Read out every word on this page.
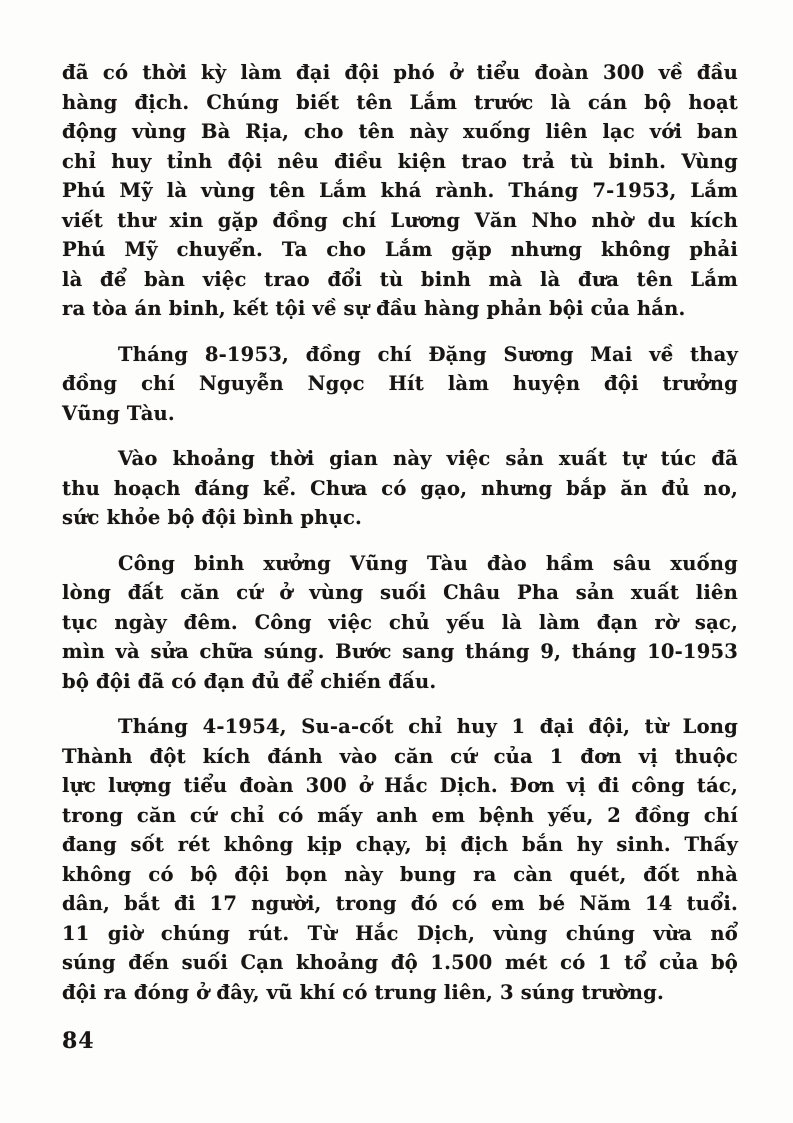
đã có thời kỳ làm đại đội phó ở tiểu đoàn 300 về đầu
hàng địch. Chúng biết tên Lắm trước là cán bộ hoạt
động vùng Bà Rịa, cho tên này xuống liên lạc với ban
chỉ huy tỉnh đội nêu điều kiện trao trả tù binh. Vùng
Phú Mỹ là vùng tên Lắm khá rành. Tháng 7-1953, Lắm
viết thư xin gặp đồng chí Lương Văn Nho nhờ du kích
Phú Mỹ chuyển. Ta cho Lắm gặp nhưng không phải
là để bàn việc trao đổi tù binh mà là đưa tên Lắm
ra tòa án binh, kết tội về sự đầu hàng phản bội của hắn.
Tháng 8-1953, đồng chí Đặng Sương Mai về thay
đồng chí Nguyễn Ngọc Hít làm huyện đội trưởng
Vũng Tàu.
Vào khoảng thời gian này việc sản xuất tự túc đã
thu hoạch đáng kể. Chưa có gạo, nhưng bắp ăn đủ no,
sức khỏe bộ đội bình phục.
Công binh xưởng Vũng Tàu đào hầm sâu xuống
lòng đất căn cứ ở vùng suối Châu Pha sản xuất liên
tục ngày đêm. Công việc chủ yếu là làm đạn rờ sạc,
mìn và sửa chữa súng. Bước sang tháng 9, tháng 10-1953
bộ đội đã có đạn đủ để chiến đấu.
Tháng 4-1954, Su-a-cốt chỉ huy 1 đại đội, từ Long
Thành đột kích đánh vào căn cứ của 1 đơn vị thuộc
lực lượng tiểu đoàn 300 ở Hắc Dịch. Đơn vị đi công tác,
trong căn cứ chỉ có mấy anh em bệnh yếu, 2 đồng chí
đang sốt rét không kịp chạy, bị địch bắn hy sinh. Thấy
không có bộ đội bọn này bung ra càn quét, đốt nhà
dân, bắt đi 17 người, trong đó có em bé Năm 14 tuổi.
11 giờ chúng rút. Từ Hắc Dịch, vùng chúng vừa nổ
súng đến suối Cạn khoảng độ 1.500 mét có 1 tổ của bộ
đội ra đóng ở đây, vũ khí có trung liên, 3 súng trường.
84
